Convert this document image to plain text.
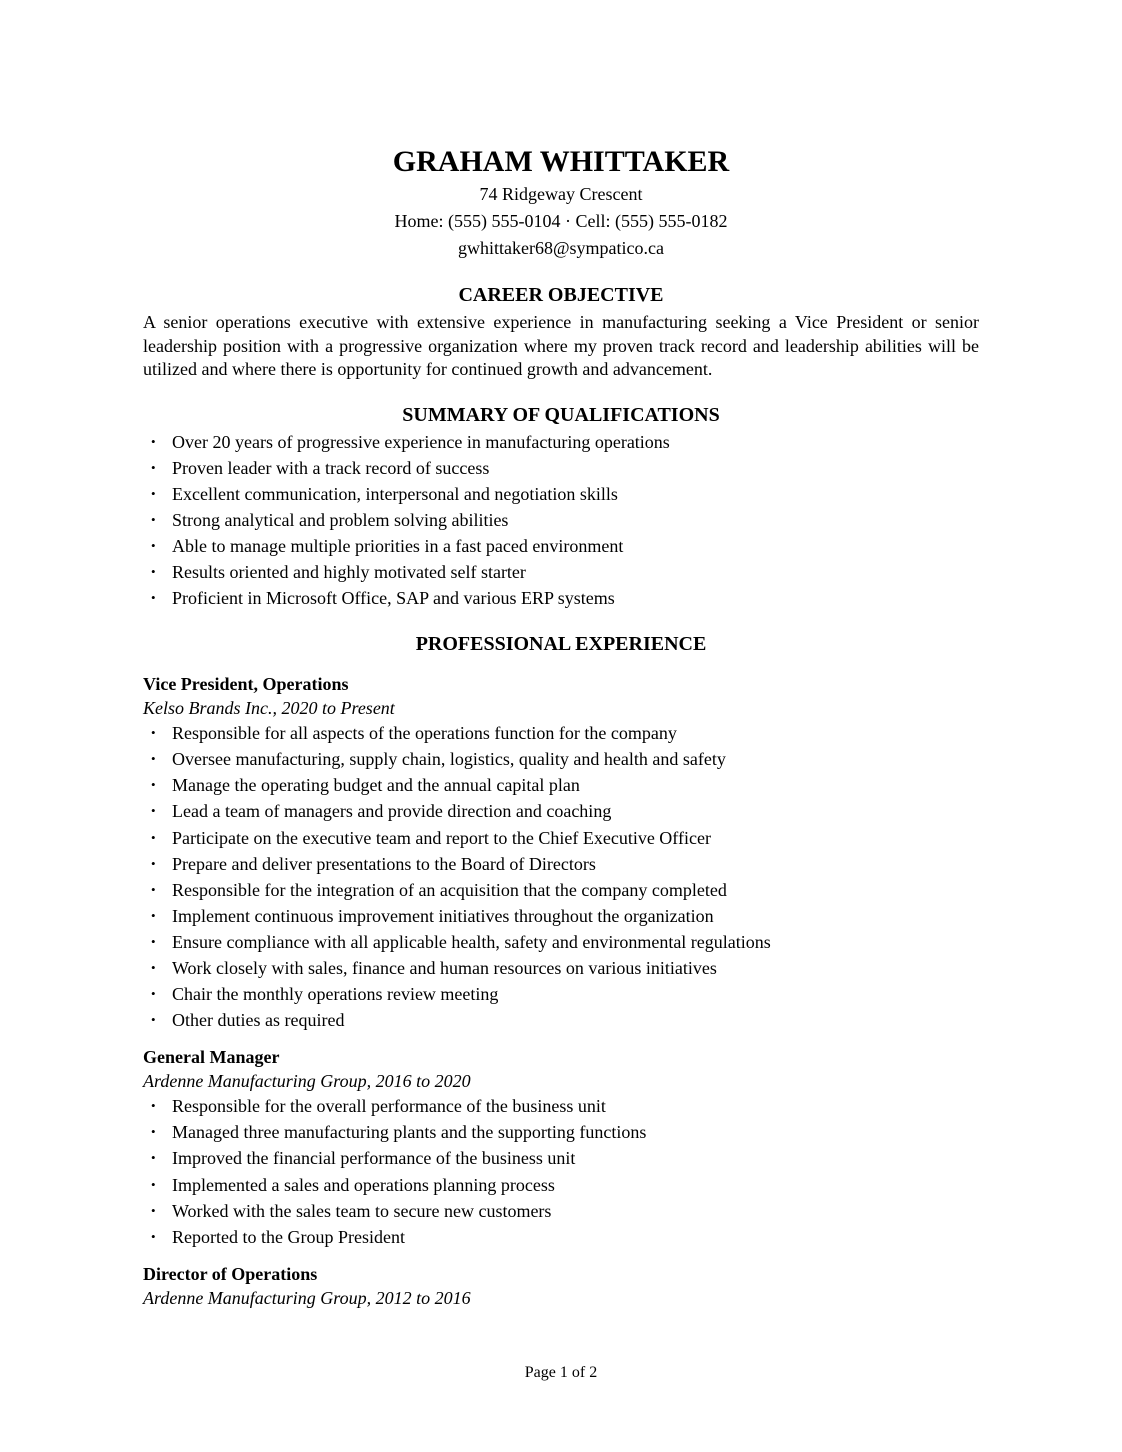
GRAHAM WHITTAKER
74 Ridgeway Crescent
Home: (555) 555-0104 · Cell: (555) 555-0182
gwhittaker68@sympatico.ca
CAREER OBJECTIVE

A senior operations executive with extensive experience in manufacturing seeking a Vice President or senior leadership position with a progressive organization where my proven track record and leadership abilities will be utilized and where there is opportunity for continued growth and advancement.

SUMMARY OF QUALIFICATIONS
• Over 20 years of progressive experience in manufacturing operations
• Proven leader with a track record of success
• Excellent communication, interpersonal and negotiation skills
• Strong analytical and problem solving abilities
• Able to manage multiple priorities in a fast paced environment
• Results oriented and highly motivated self starter
• Proficient in Microsoft Office, SAP and various ERP systems
PROFESSIONAL EXPERIENCE
Vice President, Operations
Kelso Brands Inc., 2020 to Present
• Responsible for all aspects of the operations function for the company
• Oversee manufacturing, supply chain, logistics, quality and health and safety
• Manage the operating budget and the annual capital plan
• Lead a team of managers and provide direction and coaching
• Participate on the executive team and report to the Chief Executive Officer
• Prepare and deliver presentations to the Board of Directors
• Responsible for the integration of an acquisition that the company completed
• Implement continuous improvement initiatives throughout the organization
• Ensure compliance with all applicable health, safety and environmental regulations
• Work closely with sales, finance and human resources on various initiatives
• Chair the monthly operations review meeting
• Other duties as required
General Manager
Ardenne Manufacturing Group, 2016 to 2020
• Responsible for the overall performance of the business unit
• Managed three manufacturing plants and the supporting functions
• Improved the financial performance of the business unit
• Implemented a sales and operations planning process
• Worked with the sales team to secure new customers
• Reported to the Group President
Director of Operations
Ardenne Manufacturing Group, 2012 to 2016
Page 1 of 2
